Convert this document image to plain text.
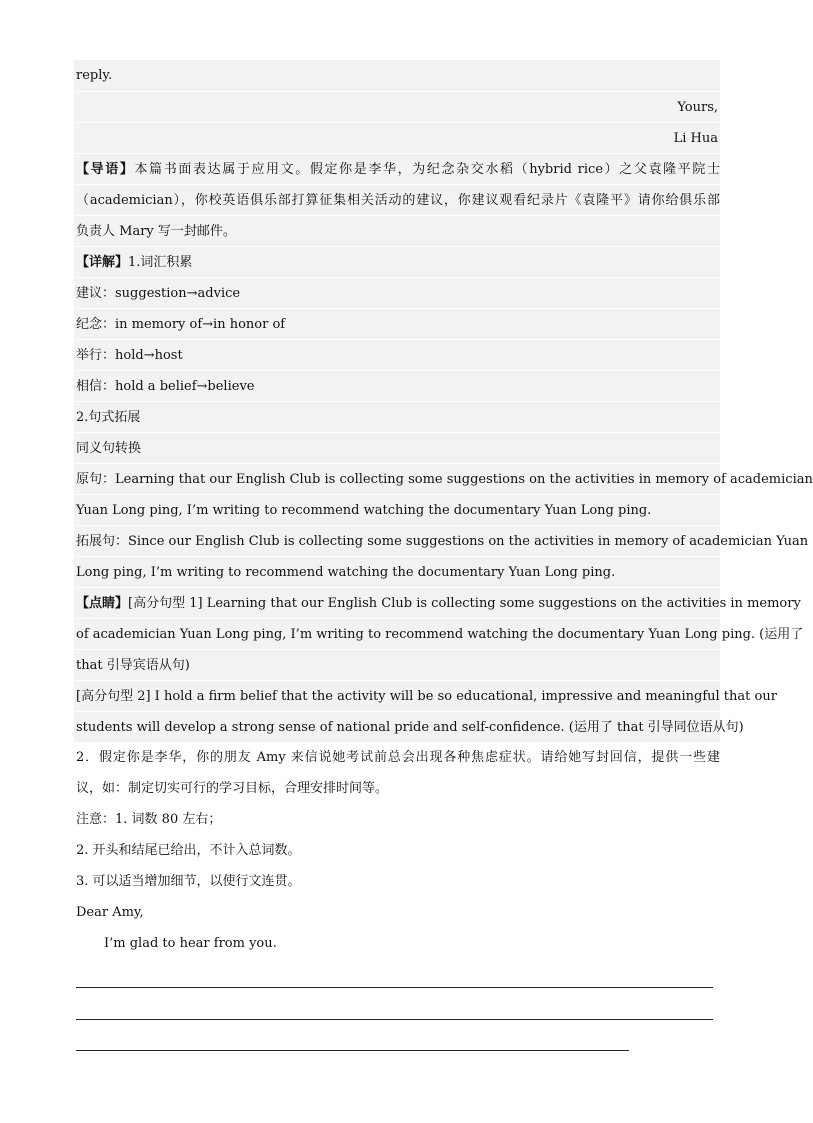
reply.
Yours,
Li Hua
【导语】本篇书面表达属于应用文。假定你是李华，为纪念杂交水稻（hybrid rice）之父袁隆平院士
（academician），你校英语俱乐部打算征集相关活动的建议，你建议观看纪录片《袁隆平》请你给俱乐部
负责人 Mary 写一封邮件。
【详解】1.词汇积累
建议：suggestion→advice
纪念：in memory of→in honor of
举行：hold→host
相信：hold a belief→believe
2.句式拓展
同义句转换
原句：Learning that our English Club is collecting some suggestions on the activities in memory of academician
Yuan Long ping, I’m writing to recommend watching the documentary Yuan Long ping.
拓展句：Since our English Club is collecting some suggestions on the activities in memory of academician Yuan
Long ping, I’m writing to recommend watching the documentary Yuan Long ping.
【点睛】[高分句型 1] Learning that our English Club is collecting some suggestions on the activities in memory
of academician Yuan Long ping, I’m writing to recommend watching the documentary Yuan Long ping. (运用了
that 引导宾语从句)
[高分句型 2] I hold a firm belief that the activity will be so educational, impressive and meaningful that our
students will develop a strong sense of national pride and self-confidence. (运用了 that 引导同位语从句)
2．假定你是李华，你的朋友 Amy 来信说她考试前总会出现各种焦虑症状。请给她写封回信，提供一些建
议，如：制定切实可行的学习目标，合理安排时间等。
注意：1. 词数 80 左右；
2. 开头和结尾已给出，不计入总词数。
3. 可以适当增加细节，以使行文连贯。
Dear Amy,
I’m glad to hear from you.
